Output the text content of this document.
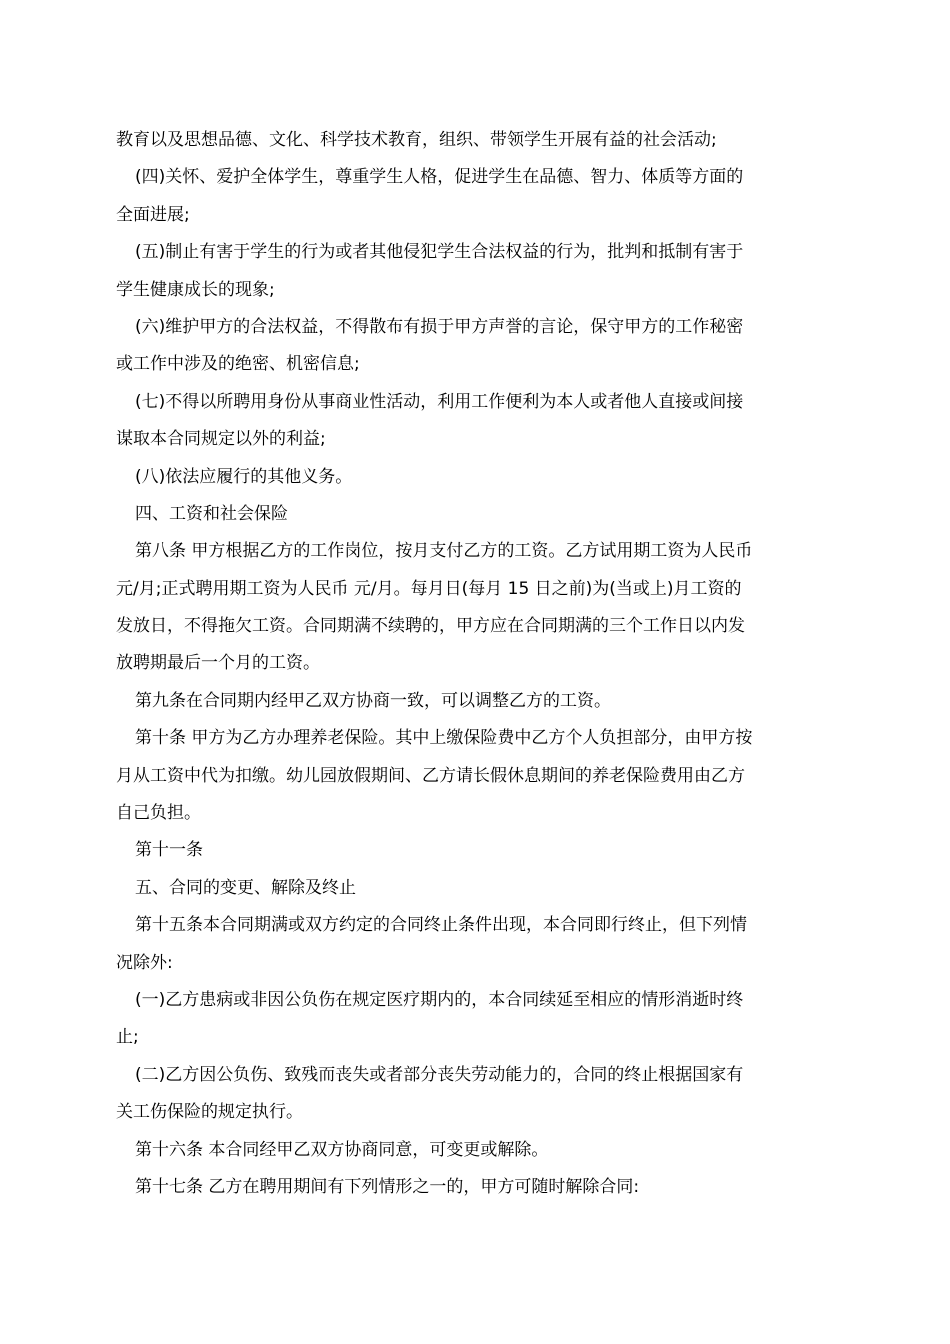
教育以及思想品德、文化、科学技术教育，组织、带领学生开展有益的社会活动;
(四)关怀、爱护全体学生，尊重学生人格，促进学生在品德、智力、体质等方面的
全面进展;
(五)制止有害于学生的行为或者其他侵犯学生合法权益的行为，批判和抵制有害于
学生健康成长的现象;
(六)维护甲方的合法权益，不得散布有损于甲方声誉的言论，保守甲方的工作秘密
或工作中涉及的绝密、机密信息;
(七)不得以所聘用身份从事商业性活动，利用工作便利为本人或者他人直接或间接
谋取本合同规定以外的利益;
(八)依法应履行的其他义务。
四、工资和社会保险
第八条 甲方根据乙方的工作岗位，按月支付乙方的工资。乙方试用期工资为人民币
元/月;正式聘用期工资为人民币 元/月。每月日(每月 15 日之前)为(当或上)月工资的
发放日，不得拖欠工资。合同期满不续聘的，甲方应在合同期满的三个工作日以内发
放聘期最后一个月的工资。
第九条在合同期内经甲乙双方协商一致，可以调整乙方的工资。
第十条 甲方为乙方办理养老保险。其中上缴保险费中乙方个人负担部分，由甲方按
月从工资中代为扣缴。幼儿园放假期间、乙方请长假休息期间的养老保险费用由乙方
自己负担。
第十一条
五、合同的变更、解除及终止
第十五条本合同期满或双方约定的合同终止条件出现，本合同即行终止，但下列情
况除外:
(一)乙方患病或非因公负伤在规定医疗期内的，本合同续延至相应的情形消逝时终
止;
(二)乙方因公负伤、致残而丧失或者部分丧失劳动能力的，合同的终止根据国家有
关工伤保险的规定执行。
第十六条 本合同经甲乙双方协商同意，可变更或解除。
第十七条 乙方在聘用期间有下列情形之一的，甲方可随时解除合同:
